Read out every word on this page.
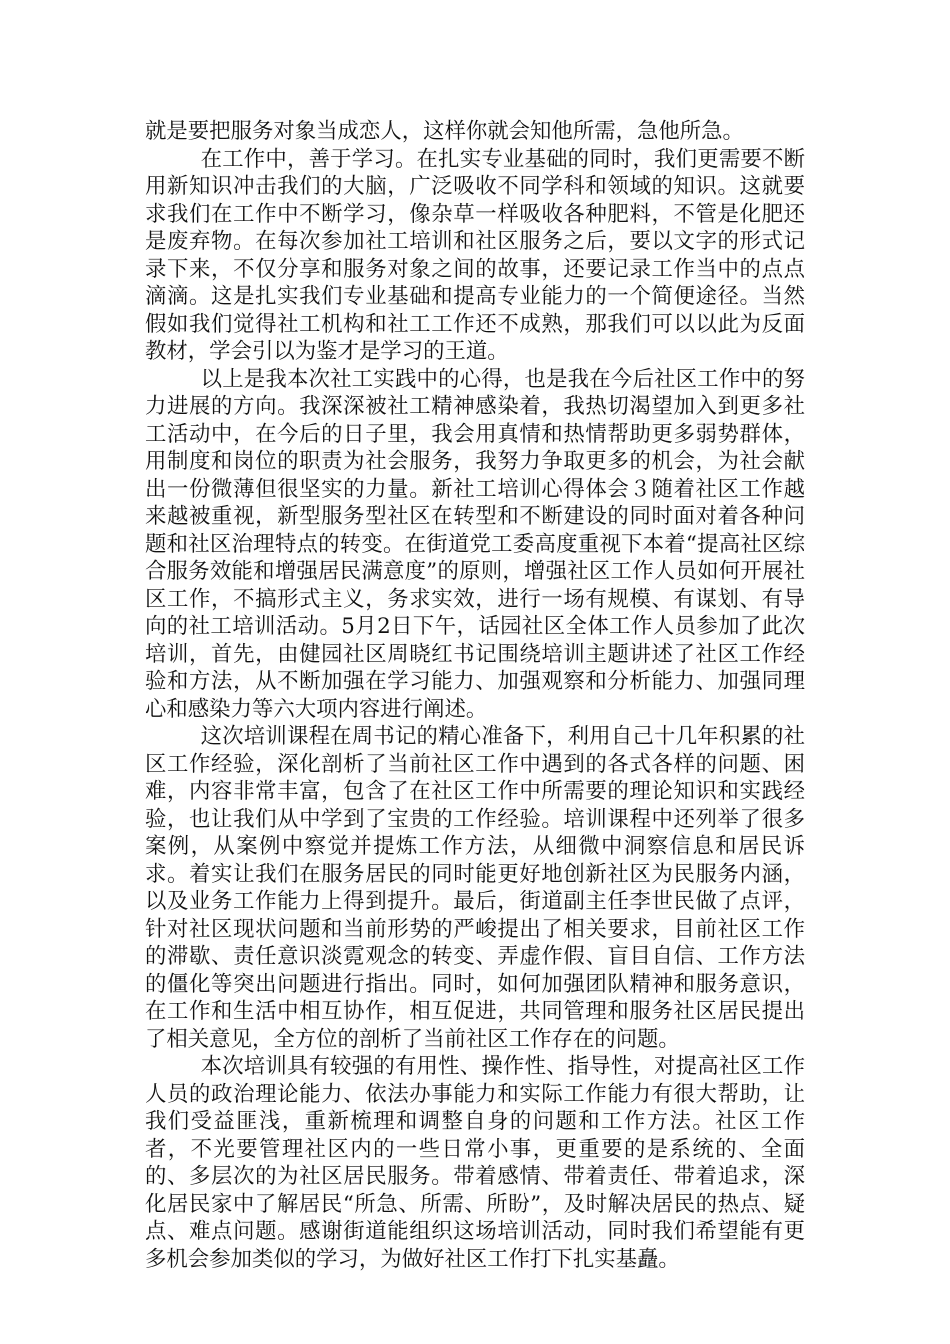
就是要把服务对象当成恋人，这样你就会知他所需，急他所急。

在工作中，善于学习。在扎实专业基础的同时，我们更需要不断用新知识冲击我们的大脑，广泛吸收不同学科和领域的知识。这就要求我们在工作中不断学习，像杂草一样吸收各种肥料，不管是化肥还是废弃物。在每次参加社工培训和社区服务之后，要以文字的形式记录下来，不仅分享和服务对象之间的故事，还要记录工作当中的点点滴滴。这是扎实我们专业基础和提高专业能力的一个简便途径。当然假如我们觉得社工机构和社工工作还不成熟，那我们可以以此为反面教材，学会引以为鉴才是学习的王道。

以上是我本次社工实践中的心得，也是我在今后社区工作中的努力进展的方向。我深深被社工精神感染着，我热切渴望加入到更多社工活动中，在今后的日子里，我会用真情和热情帮助更多弱势群体，用制度和岗位的职责为社会服务，我努力争取更多的机会，为社会献出一份微薄但很坚实的力量。新社工培训心得体会３随着社区工作越来越被重视，新型服务型社区在转型和不断建设的同时面对着各种问题和社区治理特点的转变。在街道党工委高度重视下本着“提高社区综合服务效能和增强居民满意度”的原则，增强社区工作人员如何开展社区工作，不搞形式主义，务求实效，进行一场有规模、有谋划、有导向的社工培训活动。5月2日下午，话园社区全体工作人员参加了此次培训，首先，由健园社区周晓红书记围绕培训主题讲述了社区工作经验和方法，从不断加强在学习能力、加强观察和分析能力、加强同理心和感染力等六大项内容进行阐述。

这次培训课程在周书记的精心准备下，利用自己十几年积累的社区工作经验，深化剖析了当前社区工作中遇到的各式各样的问题、困难，内容非常丰富，包含了在社区工作中所需要的理论知识和实践经验，也让我们从中学到了宝贵的工作经验。培训课程中还列举了很多案例，从案例中察觉并提炼工作方法，从细微中洞察信息和居民诉求。着实让我们在服务居民的同时能更好地创新社区为民服务内涵，以及业务工作能力上得到提升。最后，街道副主任李世民做了点评，针对社区现状问题和当前形势的严峻提出了相关要求，目前社区工作的滞歇、责任意识淡霓观念的转变、弄虚作假、盲目自信、工作方法的僵化等突出问题进行指出。同时，如何加强团队精神和服务意识，在工作和生活中相互协作，相互促进，共同管理和服务社区居民提出了相关意见，全方位的剖析了当前社区工作存在的问题。

本次培训具有较强的有用性、操作性、指导性，对提高社区工作人员的政治理论能力、依法办事能力和实际工作能力有很大帮助，让我们受益匪浅，重新梳理和调整自身的问题和工作方法。社区工作者，不光要管理社区内的一些日常小事，更重要的是系统的、全面的、多层次的为社区居民服务。带着感情、带着责任、带着追求，深化居民家中了解居民“所急、所需、所盼”，及时解决居民的热点、疑点、难点问题。感谢街道能组织这场培训活动，同时我们希望能有更多机会参加类似的学习，为做好社区工作打下扎实基矗。
